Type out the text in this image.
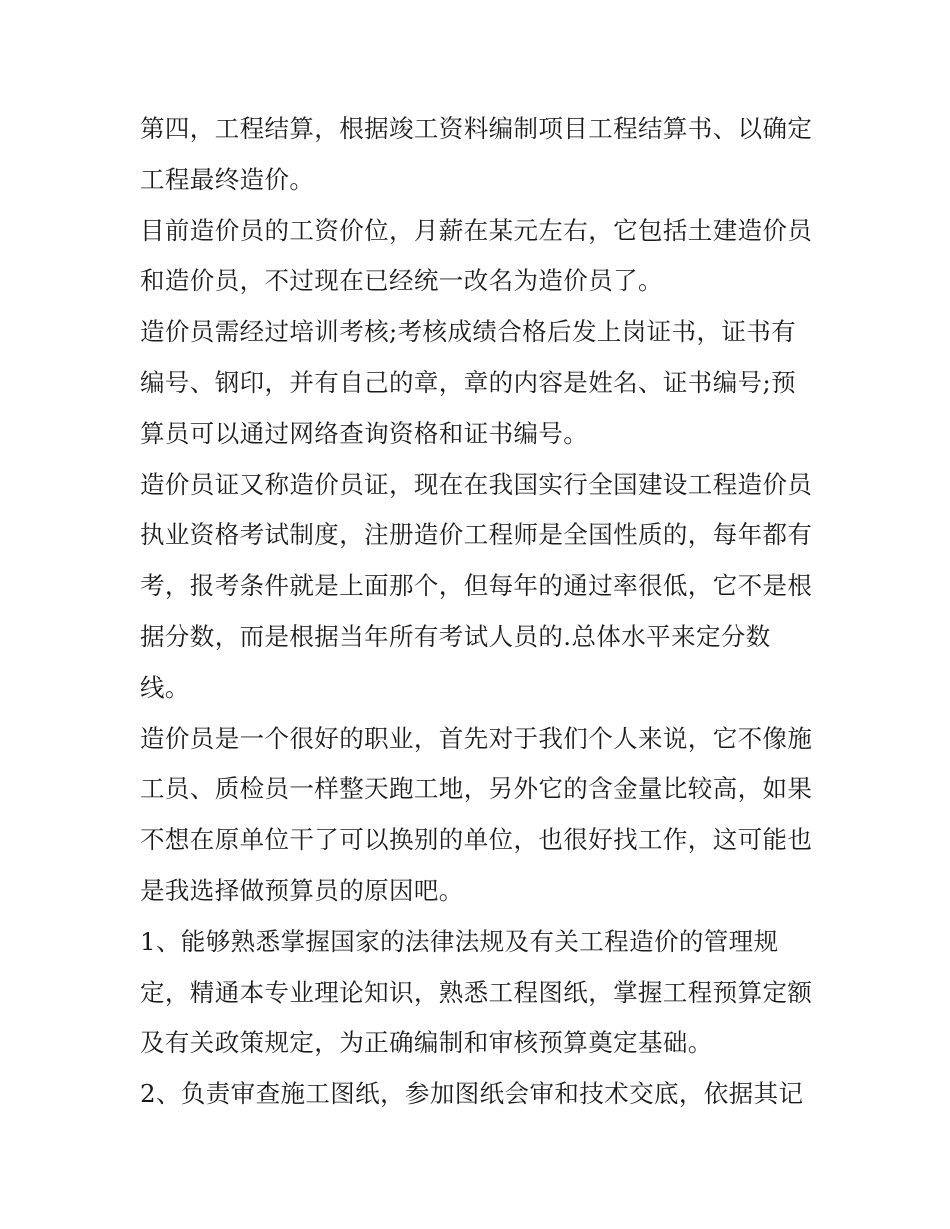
第四，工程结算，根据竣工资料编制项目工程结算书、以确定
工程最终造价。
目前造价员的工资价位，月薪在某元左右，它包括土建造价员
和造价员，不过现在已经统一改名为造价员了。
造价员需经过培训考核;考核成绩合格后发上岗证书，证书有
编号、钢印，并有自己的章，章的内容是姓名、证书编号;预
算员可以通过网络查询资格和证书编号。
造价员证又称造价员证，现在在我国实行全国建设工程造价员
执业资格考试制度，注册造价工程师是全国性质的，每年都有
考，报考条件就是上面那个，但每年的通过率很低，它不是根
据分数，而是根据当年所有考试人员的.总体水平来定分数
线。
造价员是一个很好的职业，首先对于我们个人来说，它不像施
工员、质检员一样整天跑工地，另外它的含金量比较高，如果
不想在原单位干了可以换别的单位，也很好找工作，这可能也
是我选择做预算员的原因吧。
1、能够熟悉掌握国家的法律法规及有关工程造价的管理规
定，精通本专业理论知识，熟悉工程图纸，掌握工程预算定额
及有关政策规定，为正确编制和审核预算奠定基础。
2、负责审查施工图纸，参加图纸会审和技术交底，依据其记
